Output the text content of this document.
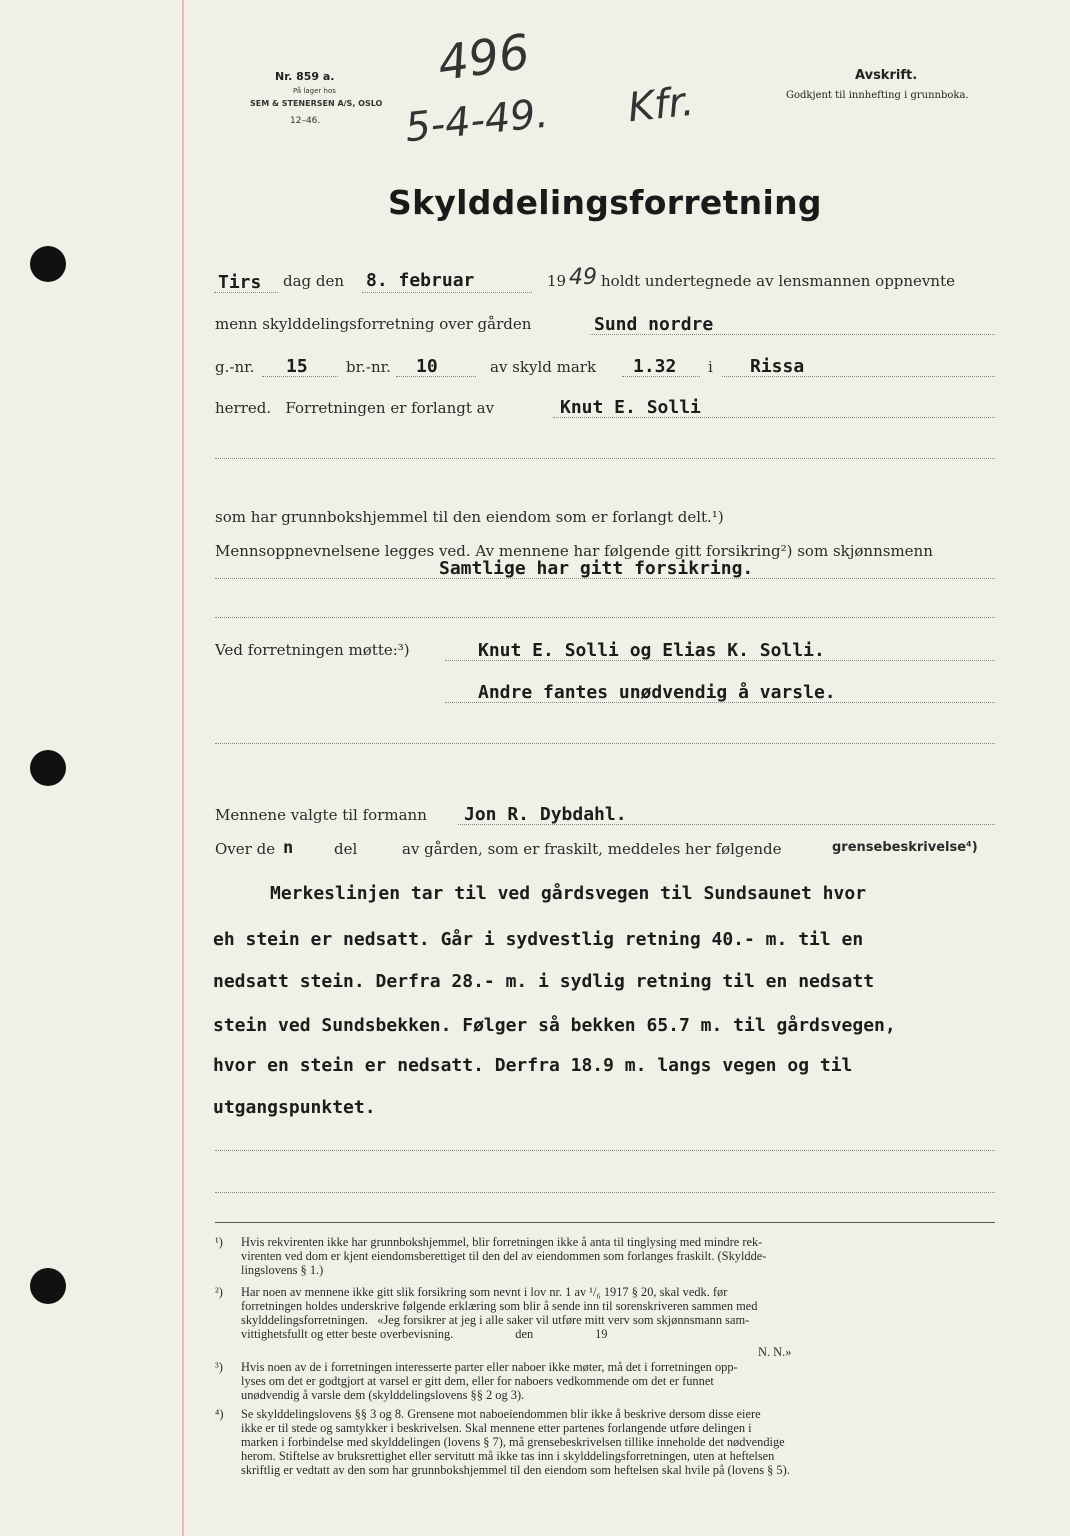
Nr. 859 a.
På lager hos
SEM & STENERSEN A/S, OSLO
12–46.
496
5-4-49. Kfr.
Avskrift.
Godkjent til innhefting i grunnboka.
Skylddelingsforretning
Tirs dag den 8. februar	19 49 holdt undertegnede av lensmannen oppnevnte
menn skylddelingsforretning over gården	Sund nordre
g.-nr. 15	br.-nr. 10	av skyld mark 1.32 i Rissa
herred.   Forretningen er forlangt av	Knut E. Solli
som har grunnbokshjemmel til den eiendom som er forlangt delt.¹)
Mennsoppnevnelsene legges ved. Av mennene har følgende gitt forsikring²) som skjønnsmenn
Samtlige har gitt forsikring.
Ved forretningen møtte:³)	Knut E. Solli og Elias K. Solli.
Andre fantes unødvendig å varsle.
Mennene valgte til formann Jon R. Dybdahl.
Over de n	del	av gården, som er fraskilt, meddeles her følgende	grensebeskrivelse⁴)
Merkeslinjen tar til ved gårdsvegen til Sundsaunet hvor
eh stein er nedsatt. Går i sydvestlig retning 40.- m. til en
nedsatt stein. Derfra 28.- m. i sydlig retning til en nedsatt
stein ved Sundsbekken. Følger så bekken 65.7 m. til gårdsvegen,
hvor en stein er nedsatt. Derfra 18.9 m. langs vegen og til
utgangspunktet.
¹) Hvis rekvirenten ikke har grunnbokshjemmel, blir forretningen ikke å anta til tinglysing med mindre rek-
virenten ved dom er kjent eiendomsberettiget til den del av eiendommen som forlanges fraskilt. (Skylddе-
lingslovens § 1.)
²) Har noen av mennene ikke gitt slik forsikring som nevnt i lov nr. 1 av ¹/₆ 1917 § 20, skal vedk. før
forretningen holdes underskrive følgende erklæring som blir å sende inn til sorenskriveren sammen med
skylddelingsforretningen.   «Jeg forsikrer at jeg i alle saker vil utføre mitt verv som skjønnsmann sam-
vittighetsfullt og etter beste overbevisning.                    den                    19
N. N.»
³) Hvis noen av de i forretningen interesserte parter eller naboer ikke møter, må det i forretningen opp-
lyses om det er godtgjort at varsel er gitt dem, eller for naboers vedkommende om det er funnet
unødvendig å varsle dem (skylddelingslovens §§ 2 og 3).
⁴) Se skylddelingslovens §§ 3 og 8. Grensene mot naboeiendommen blir ikke å beskrive dersom disse eiere
ikke er til stede og samtykker i beskrivelsen. Skal mennene etter partenes forlangende utføre delingen i
marken i forbindelse med skylddelingen (lovens § 7), må grensebeskrivelsen tillike inneholde det nødvendige
herom. Stiftelse av bruksrettighet eller servitutt må ikke tas inn i skylddelingsforretningen, uten at heftelsen
skriftlig er vedtatt av den som har grunnbokshjemmel til den eiendom som heftelsen skal hvile på (lovens § 5).
